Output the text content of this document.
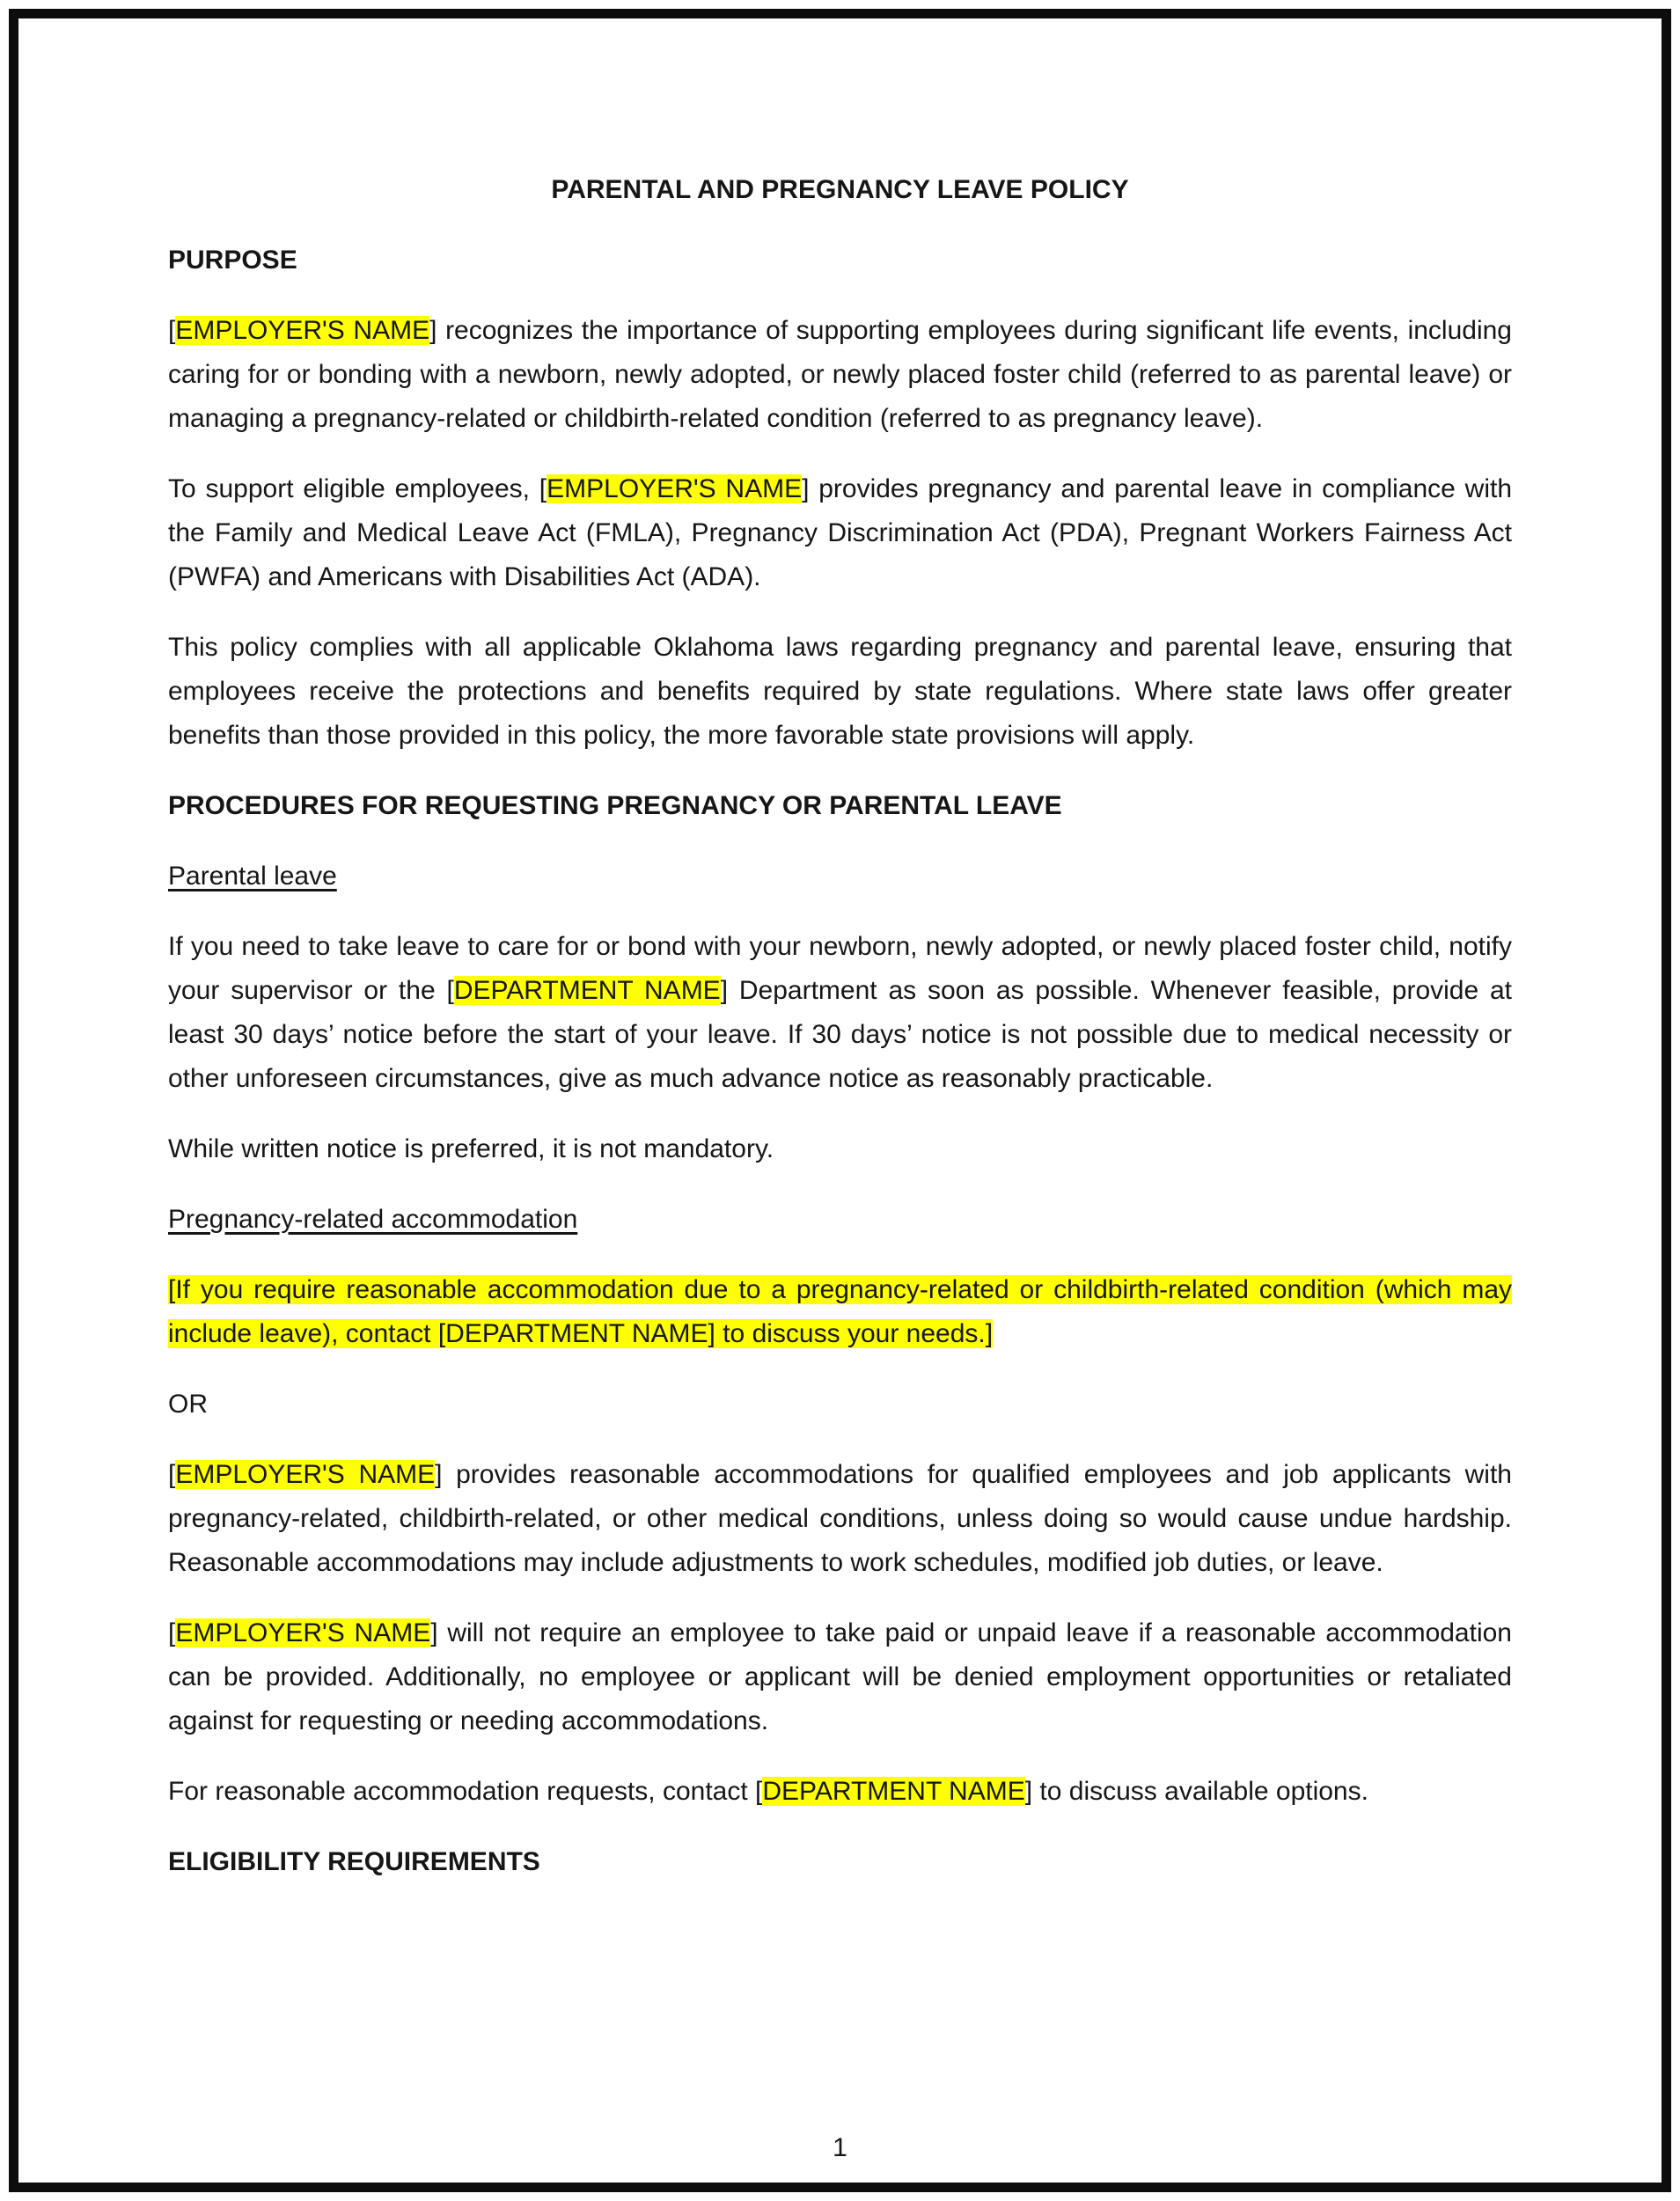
PARENTAL AND PREGNANCY LEAVE POLICY
PURPOSE

[EMPLOYER'S NAME] recognizes the importance of supporting employees during significant life events, including caring for or bonding with a newborn, newly adopted, or newly placed foster child (referred to as parental leave) or managing a pregnancy-related or childbirth-related condition (referred to as pregnancy leave).

To support eligible employees, [EMPLOYER'S NAME] provides pregnancy and parental leave in compliance with the Family and Medical Leave Act (FMLA), Pregnancy Discrimination Act (PDA), Pregnant Workers Fairness Act (PWFA) and Americans with Disabilities Act (ADA).

This policy complies with all applicable Oklahoma laws regarding pregnancy and parental leave, ensuring that employees receive the protections and benefits required by state regulations. Where state laws offer greater benefits than those provided in this policy, the more favorable state provisions will apply.

PROCEDURES FOR REQUESTING PREGNANCY OR PARENTAL LEAVE
Parental leave

If you need to take leave to care for or bond with your newborn, newly adopted, or newly placed foster child, notify your supervisor or the [DEPARTMENT NAME] Department as soon as possible. Whenever feasible, provide at least 30 days’ notice before the start of your leave. If 30 days’ notice is not possible due to medical necessity or other unforeseen circumstances, give as much advance notice as reasonably practicable.

While written notice is preferred, it is not mandatory.

Pregnancy-related accommodation

[If you require reasonable accommodation due to a pregnancy-related or childbirth-related condition (which may include leave), contact [DEPARTMENT NAME] to discuss your needs.]

OR

[EMPLOYER'S NAME] provides reasonable accommodations for qualified employees and job applicants with pregnancy-related, childbirth-related, or other medical conditions, unless doing so would cause undue hardship. Reasonable accommodations may include adjustments to work schedules, modified job duties, or leave.

[EMPLOYER'S NAME] will not require an employee to take paid or unpaid leave if a reasonable accommodation can be provided. Additionally, no employee or applicant will be denied employment opportunities or retaliated against for requesting or needing accommodations.

For reasonable accommodation requests, contact [DEPARTMENT NAME] to discuss available options.

ELIGIBILITY REQUIREMENTS
1
